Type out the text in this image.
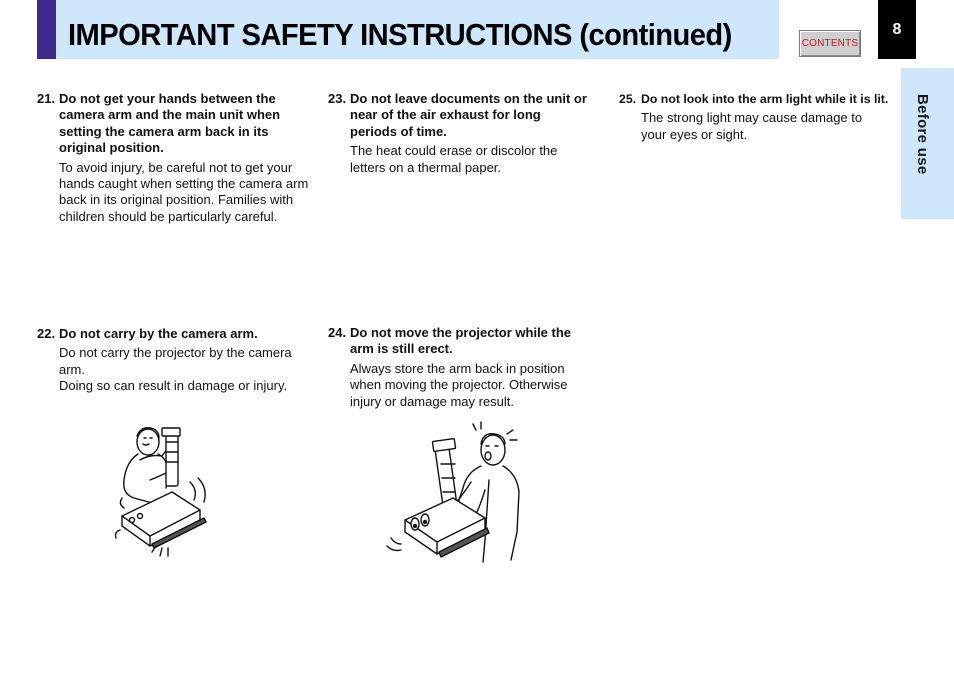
IMPORTANT SAFETY INSTRUCTIONS (continued)	CONTENTS
8
Before use
21. Do not get your hands between the camera arm and the main unit when setting the camera arm back in its original position.

To avoid injury, be careful not to get your hands caught when setting the camera arm back in its original position. Families with children should be particularly careful.

22. Do not carry by the camera arm.

Do not carry the projector by the camera arm.

Doing so can result in damage or injury.

23. Do not leave documents on the unit or near of the air exhaust for long periods of time.

The heat could erase or discolor the letters on a thermal paper.

24. Do not move the projector while the arm is still erect.

Always store the arm back in position when moving the projector. Otherwise injury or damage may result.

25. Do not look into the arm light while it is lit.

The strong light may cause damage to your eyes or sight.
